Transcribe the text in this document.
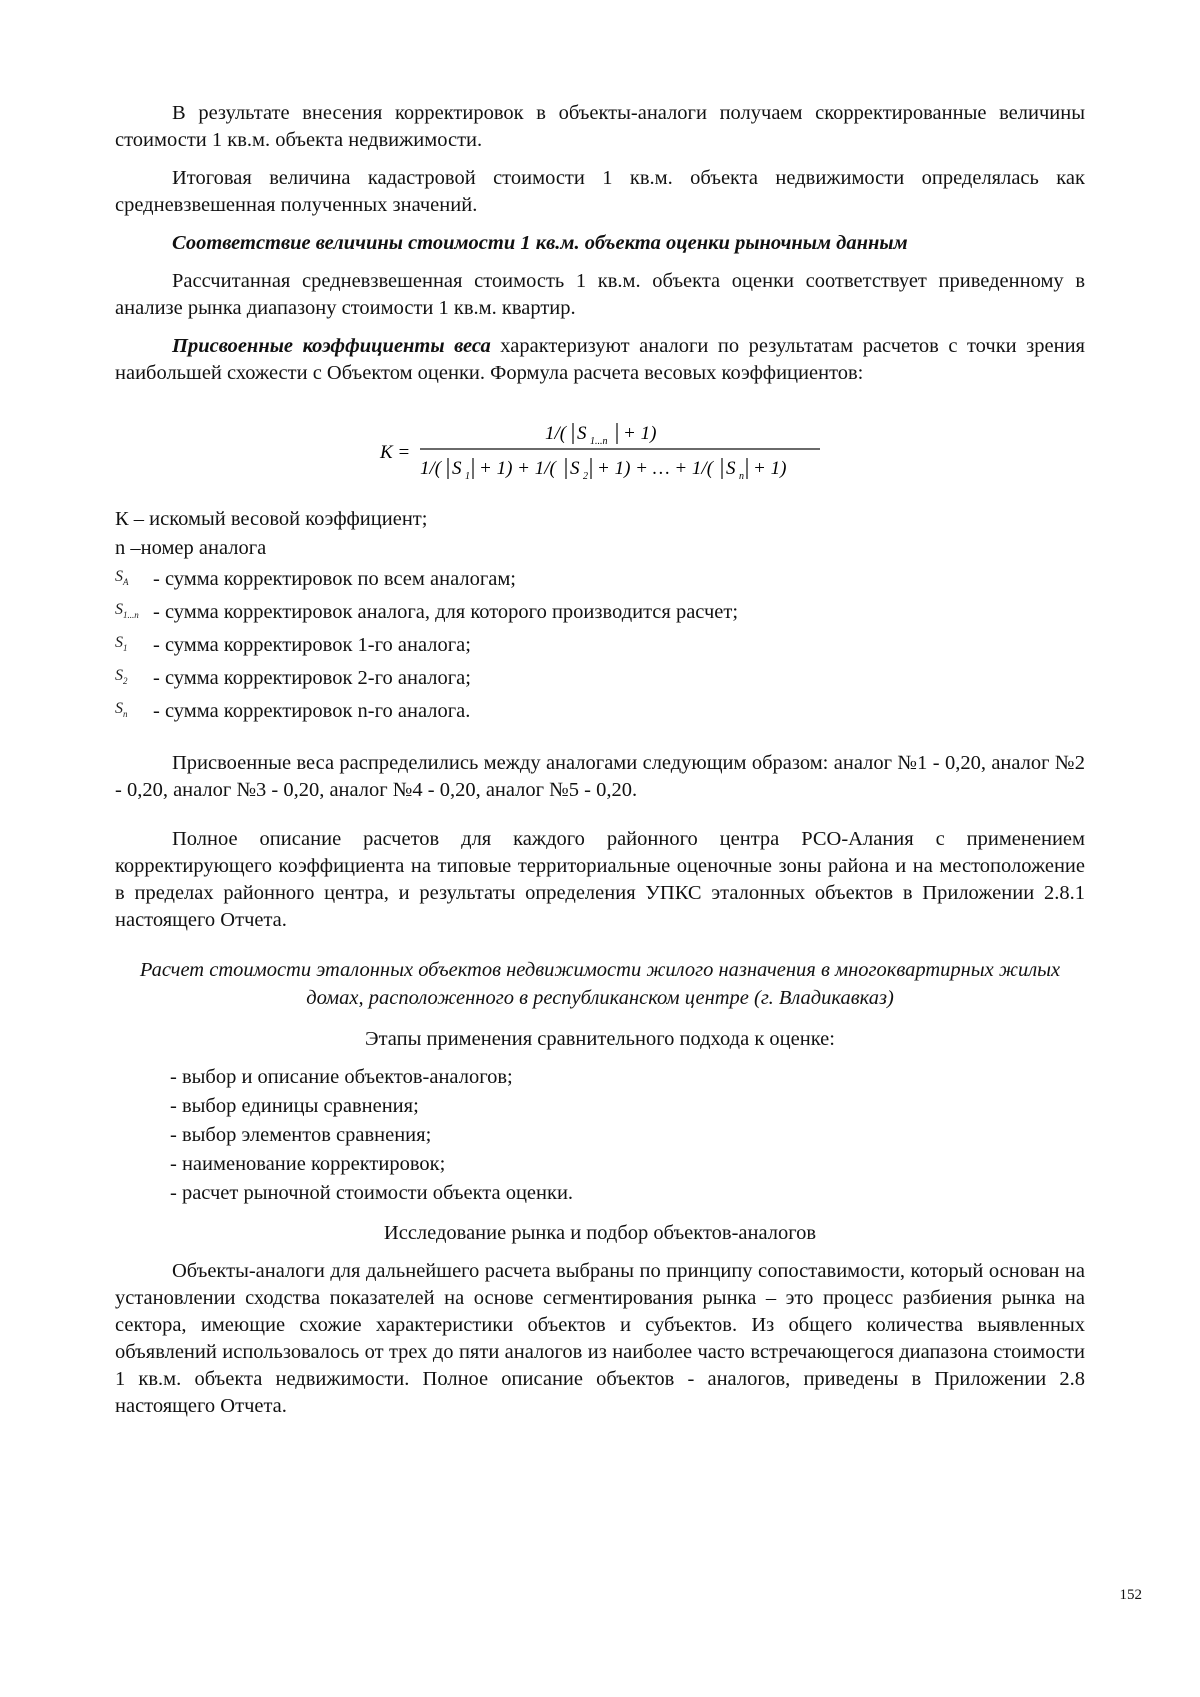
В результате внесения корректировок в объекты-аналоги получаем скорректированные величины стоимости 1 кв.м. объекта недвижимости.

Итоговая величина кадастровой стоимости 1 кв.м. объекта недвижимости определялась как средневзвешенная полученных значений.

Соответствие величины стоимости 1 кв.м. объекта оценки рыночным данным

Рассчитанная средневзвешенная стоимость 1 кв.м. объекта оценки соответствует приведенному в анализе рынка диапазону стоимости 1 кв.м. квартир.

Присвоенные коэффициенты веса характеризуют аналоги по результатам расчетов с точки зрения наибольшей схожести с Объектом оценки. Формула расчета весовых коэффициентов:

K =
1/( S 1...n + 1)
1/( S 1 + 1) + 1/( S 2 + 1) + … + 1/( S n + 1)
К – искомый весовой коэффициент;
n –номер аналога
$S_A$	- сумма корректировок по всем аналогам;
$S_{1...n}$ - сумма корректировок аналога, для которого производится расчет;
$S_1$	- сумма корректировок 1-го аналога;
$S_2$	- сумма корректировок 2-го аналога;
$S_n$	- сумма корректировок n-го аналога.

Присвоенные веса распределились между аналогами следующим образом: аналог №1 - 0,20, аналог №2 - 0,20, аналог №3 - 0,20, аналог №4 - 0,20, аналог №5 - 0,20.

Полное описание расчетов для каждого районного центра РСО-Алания с применением корректирующего коэффициента на типовые территориальные оценочные зоны района и на местоположение в пределах районного центра, и результаты определения УПКС эталонных объектов в Приложении 2.8.1 настоящего Отчета.

Расчет стоимости эталонных объектов недвижимости жилого назначения в многоквартирных жилых домах, расположенного в республиканском центре (г. Владикавказ)

Этапы применения сравнительного подхода к оценке:

- выбор и описание объектов-аналогов;
- выбор единицы сравнения;
- выбор элементов сравнения;
- наименование корректировок;
- расчет рыночной стоимости объекта оценки.

Исследование рынка и подбор объектов-аналогов

Объекты-аналоги для дальнейшего расчета выбраны по принципу сопоставимости, который основан на установлении сходства показателей на основе сегментирования рынка – это процесс разбиения рынка на сектора, имеющие схожие характеристики объектов и субъектов. Из общего количества выявленных объявлений использовалось от трех до пяти аналогов из наиболее часто встречающегося диапазона стоимости 1 кв.м. объекта недвижимости. Полное описание объектов - аналогов, приведены в Приложении 2.8 настоящего Отчета.

152
